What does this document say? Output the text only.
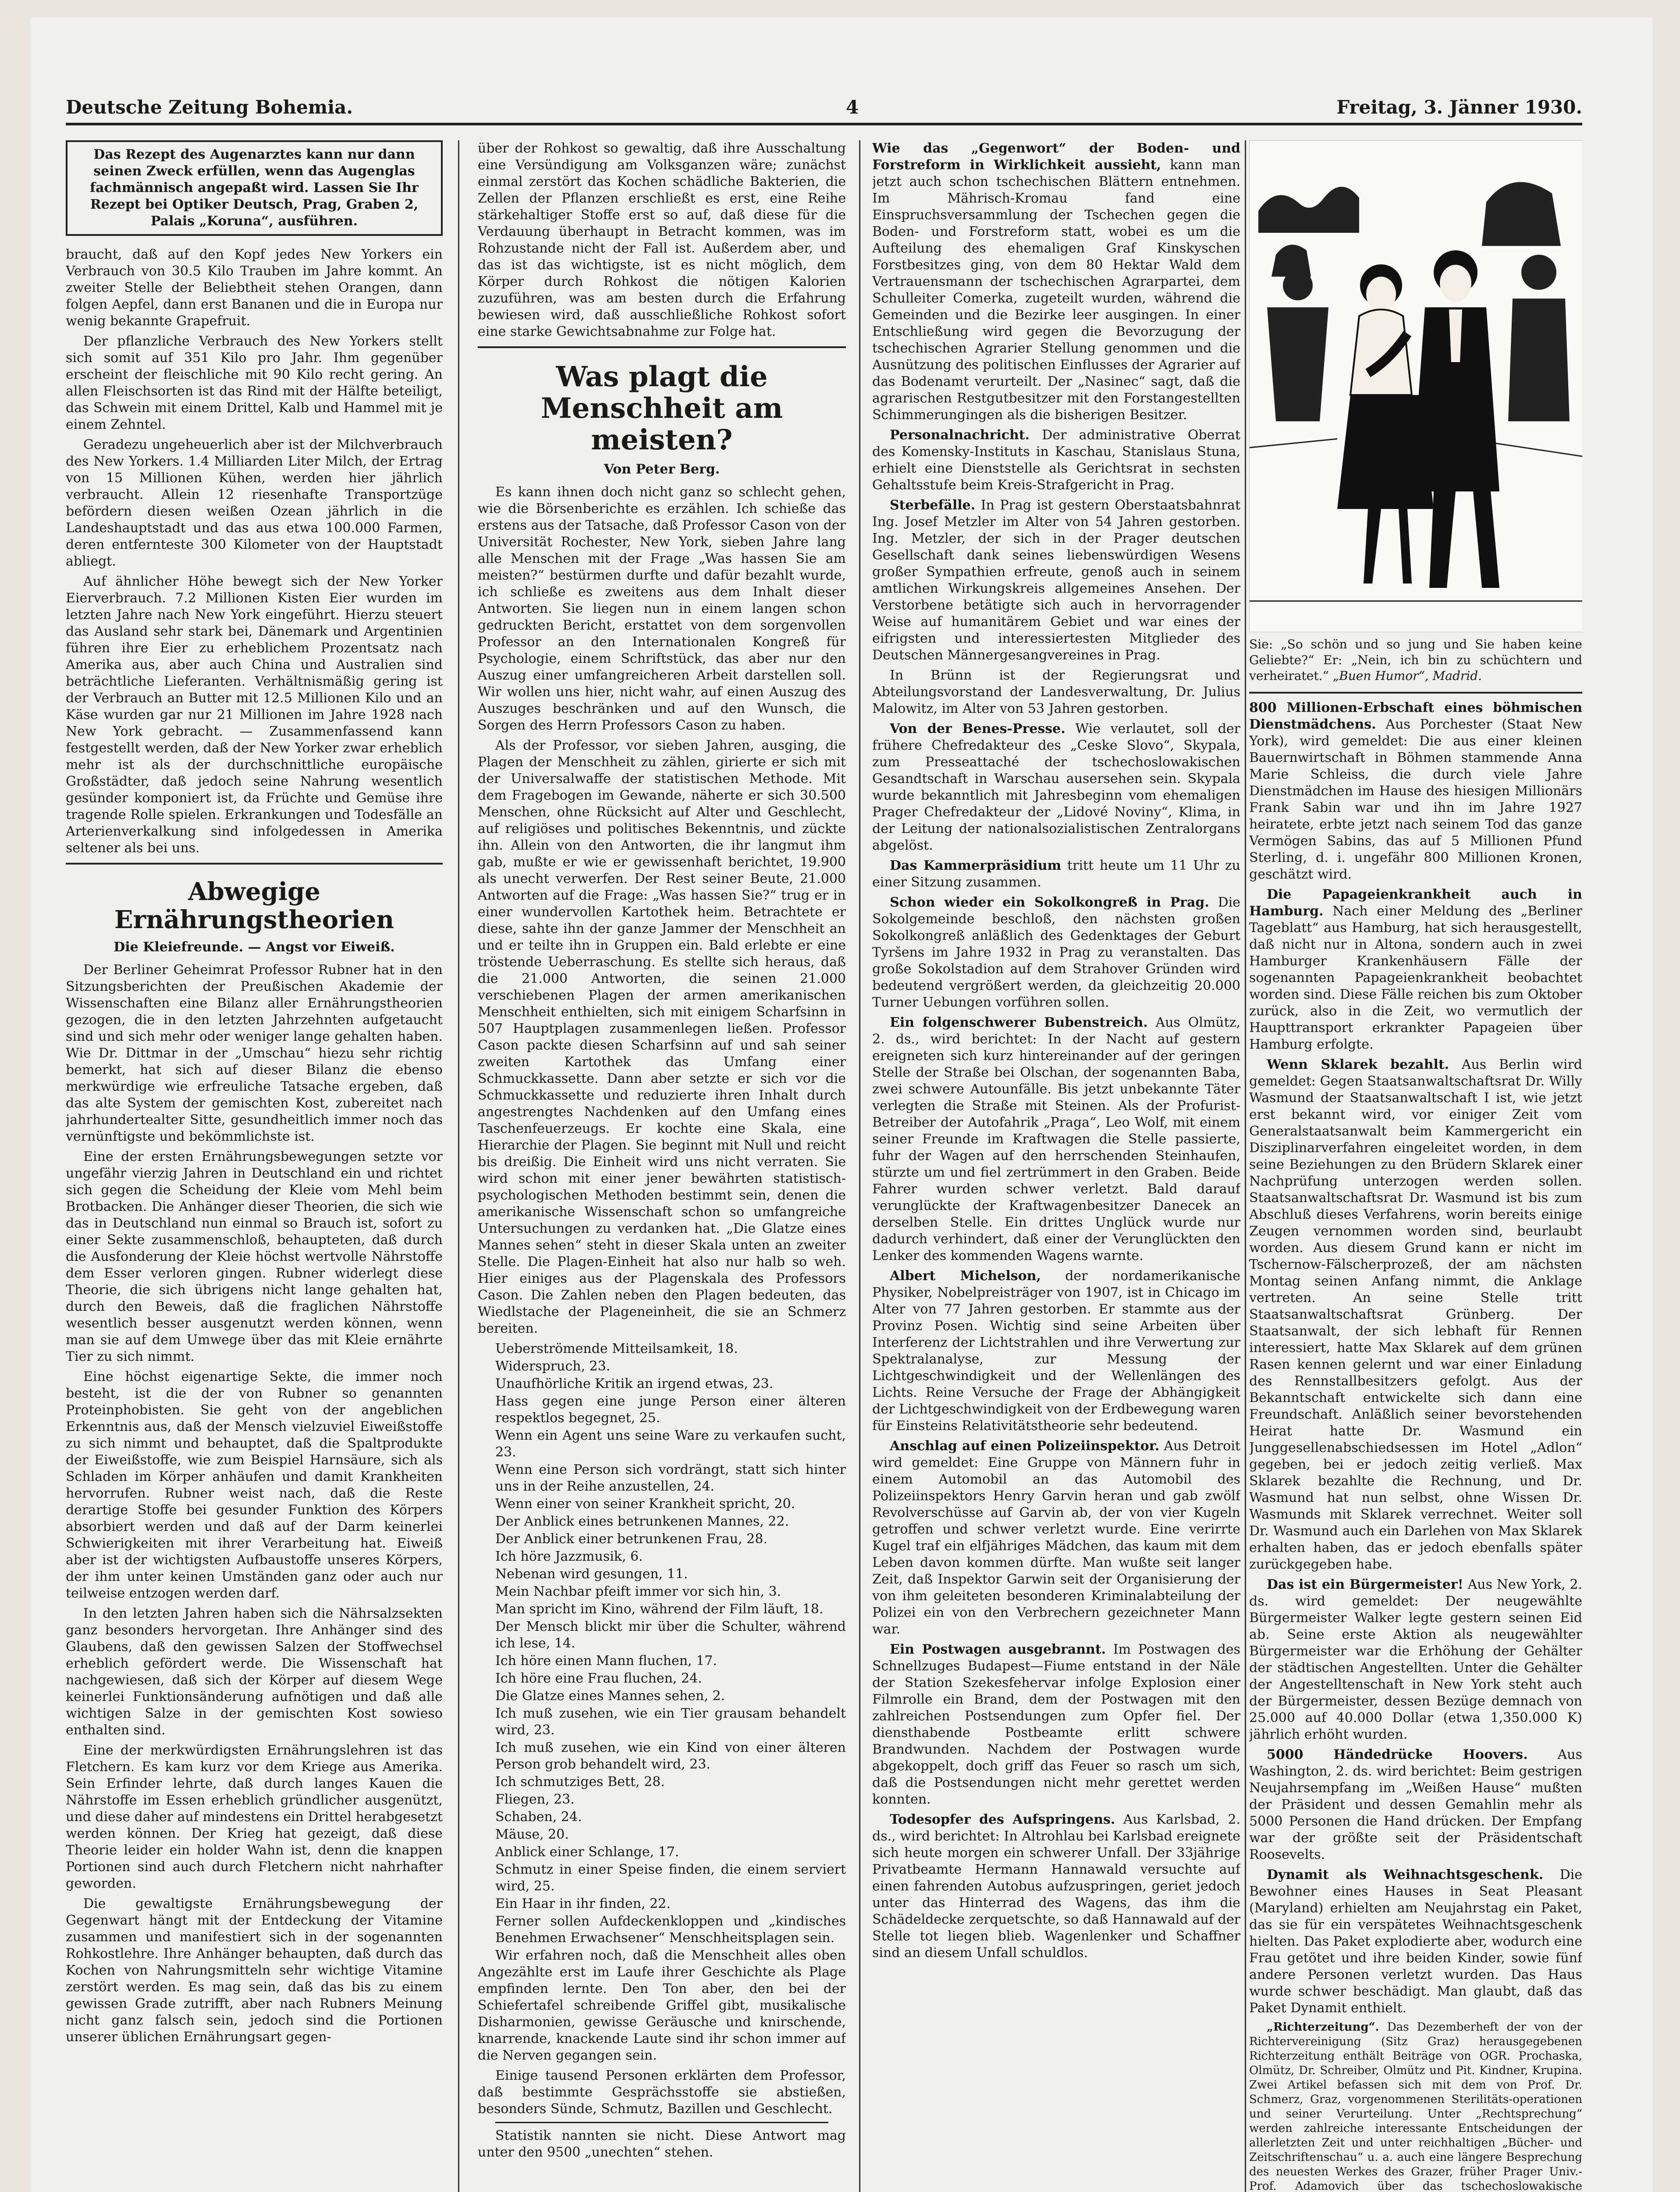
Deutsche Zeitung Bohemia.	4	Freitag, 3. Jänner 1930.
Das Rezept des Augenarztes kann nur dann seinen Zweck erfüllen, wenn das Augenglas fachmännisch angepaßt wird. Lassen Sie Ihr Rezept bei Optiker Deutsch, Prag, Graben 2, Palais „Koruna“, ausführen.

braucht, daß auf den Kopf jedes New Yorkers ein Verbrauch von 30.5 Kilo Trauben im Jahre kommt. An zweiter Stelle der Beliebtheit stehen Orangen, dann folgen Aepfel, dann erst Bananen und die in Europa nur wenig bekannte Grapefruit.

Der pflanzliche Verbrauch des New Yorkers stellt sich somit auf 351 Kilo pro Jahr. Ihm gegenüber erscheint der fleischliche mit 90 Kilo recht gering. An allen Fleischsorten ist das Rind mit der Hälfte beteiligt, das Schwein mit einem Drittel, Kalb und Hammel mit je einem Zehntel.

Geradezu ungeheuerlich aber ist der Milchverbrauch des New Yorkers. 1.4 Milliarden Liter Milch, der Ertrag von 15 Millionen Kühen, werden hier jährlich verbraucht. Allein 12 riesenhafte Transportzüge befördern diesen weißen Ozean jährlich in die Landeshauptstadt und das aus etwa 100.000 Farmen, deren entfernteste 300 Kilometer von der Hauptstadt abliegt.

Auf ähnlicher Höhe bewegt sich der New Yorker Eierverbrauch. 7.2 Millionen Kisten Eier wurden im letzten Jahre nach New York eingeführt. Hierzu steuert das Ausland sehr stark bei, Dänemark und Argentinien führen ihre Eier zu erheblichem Prozentsatz nach Amerika aus, aber auch China und Australien sind beträchtliche Lieferanten. Verhältnismäßig gering ist der Verbrauch an Butter mit 12.5 Millionen Kilo und an Käse wurden gar nur 21 Millionen im Jahre 1928 nach New York gebracht. — Zusammenfassend kann festgestellt werden, daß der New Yorker zwar erheblich mehr ist als der durchschnittliche europäische Großstädter, daß jedoch seine Nahrung wesentlich gesünder komponiert ist, da Früchte und Gemüse ihre tragende Rolle spielen. Erkrankungen und Todesfälle an Arterienverkalkung sind infolgedessen in Amerika seltener als bei uns.

Abwegige Ernährungstheorien
Die Kleiefreunde. — Angst vor Eiweiß.

Der Berliner Geheimrat Professor Rubner hat in den Sitzungsberichten der Preußischen Akademie der Wissenschaften eine Bilanz aller Ernährungstheorien gezogen, die in den letzten Jahrzehnten aufgetaucht sind und sich mehr oder weniger lange gehalten haben. Wie Dr. Dittmar in der „Umschau“ hiezu sehr richtig bemerkt, hat sich auf dieser Bilanz die ebenso merkwürdige wie erfreuliche Tatsache ergeben, daß das alte System der gemischten Kost, zubereitet nach jahrhundertealter Sitte, gesundheitlich immer noch das vernünftigste und bekömmlichste ist.

Eine der ersten Ernährungsbewegungen setzte vor ungefähr vierzig Jahren in Deutschland ein und richtet sich gegen die Scheidung der Kleie vom Mehl beim Brotbacken. Die Anhänger dieser Theorien, die sich wie das in Deutschland nun einmal so Brauch ist, sofort zu einer Sekte zusammenschloß, behaupteten, daß durch die Ausfonderung der Kleie höchst wertvolle Nährstoffe dem Esser verloren gingen. Rubner widerlegt diese Theorie, die sich übrigens nicht lange gehalten hat, durch den Beweis, daß die fraglichen Nährstoffe wesentlich besser ausgenutzt werden können, wenn man sie auf dem Umwege über das mit Kleie ernährte Tier zu sich nimmt.

Eine höchst eigenartige Sekte, die immer noch besteht, ist die der von Rubner so genannten Proteinphobisten. Sie geht von der angeblichen Erkenntnis aus, daß der Mensch vielzuviel Eiweißstoffe zu sich nimmt und behauptet, daß die Spaltprodukte der Eiweißstoffe, wie zum Beispiel Harnsäure, sich als Schladen im Körper anhäufen und damit Krankheiten hervorrufen. Rubner weist nach, daß die Reste derartige Stoffe bei gesunder Funktion des Körpers absorbiert werden und daß auf der Darm keinerlei Schwierigkeiten mit ihrer Verarbeitung hat. Eiweiß aber ist der wichtigsten Aufbaustoffe unseres Körpers, der ihm unter keinen Umständen ganz oder auch nur teilweise entzogen werden darf.

In den letzten Jahren haben sich die Nährsalzsekten ganz besonders hervorgetan. Ihre Anhänger sind des Glaubens, daß den gewissen Salzen der Stoffwechsel erheblich gefördert werde. Die Wissenschaft hat nachgewiesen, daß sich der Körper auf diesem Wege keinerlei Funktionsänderung aufnötigen und daß alle wichtigen Salze in der gemischten Kost sowieso enthalten sind.

Eine der merkwürdigsten Ernährungslehren ist das Fletchern. Es kam kurz vor dem Kriege aus Amerika. Sein Erfinder lehrte, daß durch langes Kauen die Nährstoffe im Essen erheblich gründlicher ausgenützt, und diese daher auf mindestens ein Drittel herabgesetzt werden können. Der Krieg hat gezeigt, daß diese Theorie leider ein holder Wahn ist, denn die knappen Portionen sind auch durch Fletchern nicht nahrhafter geworden.

Die gewaltigste Ernährungsbewegung der Gegenwart hängt mit der Entdeckung der Vitamine zusammen und manifestiert sich in der sogenannten Rohkostlehre. Ihre Anhänger behaupten, daß durch das Kochen von Nahrungsmitteln sehr wichtige Vitamine zerstört werden. Es mag sein, daß das bis zu einem gewissen Grade zutrifft, aber nach Rubners Meinung nicht ganz falsch sein, jedoch sind die Portionen unserer üblichen Ernährungsart gegen-

über der Rohkost so gewaltig, daß ihre Ausschaltung eine Versündigung am Volksganzen wäre; zunächst einmal zerstört das Kochen schädliche Bakterien, die Zellen der Pflanzen erschließt es erst, eine Reihe stärkehaltiger Stoffe erst so auf, daß diese für die Verdauung überhaupt in Betracht kommen, was im Rohzustande nicht der Fall ist. Außerdem aber, und das ist das wichtigste, ist es nicht möglich, dem Körper durch Rohkost die nötigen Kalorien zuzuführen, was am besten durch die Erfahrung bewiesen wird, daß ausschließliche Rohkost sofort eine starke Gewichtsabnahme zur Folge hat.

Was plagt die Menschheit am meisten?
Von Peter Berg.

Es kann ihnen doch nicht ganz so schlecht gehen, wie die Börsenberichte es erzählen. Ich schieße das erstens aus der Tatsache, daß Professor Cason von der Universität Rochester, New York, sieben Jahre lang alle Menschen mit der Frage „Was hassen Sie am meisten?“ bestürmen durfte und dafür bezahlt wurde, ich schließe es zweitens aus dem Inhalt dieser Antworten. Sie liegen nun in einem langen schon gedruckten Bericht, erstattet von dem sorgenvollen Professor an den Internationalen Kongreß für Psychologie, einem Schriftstück, das aber nur den Auszug einer umfangreicheren Arbeit darstellen soll. Wir wollen uns hier, nicht wahr, auf einen Auszug des Auszuges beschränken und auf den Wunsch, die Sorgen des Herrn Professors Cason zu haben.

Als der Professor, vor sieben Jahren, ausging, die Plagen der Menschheit zu zählen, girierte er sich mit der Universalwaffe der statistischen Methode. Mit dem Fragebogen im Gewande, näherte er sich 30.500 Menschen, ohne Rücksicht auf Alter und Geschlecht, auf religiöses und politisches Bekenntnis, und zückte ihn. Allein von den Antworten, die ihr langmut ihm gab, mußte er wie er gewissenhaft berichtet, 19.900 als unecht verwerfen. Der Rest seiner Beute, 21.000 Antworten auf die Frage: „Was hassen Sie?“ trug er in einer wundervollen Kartothek heim. Betrachtete er diese, sahte ihn der ganze Jammer der Menschheit an und er teilte ihn in Gruppen ein. Bald erlebte er eine tröstende Ueberraschung. Es stellte sich heraus, daß die 21.000 Antworten, die seinen 21.000 verschiebenen Plagen der armen amerikanischen Menschheit enthielten, sich mit einigem Scharfsinn in 507 Hauptplagen zusammenlegen ließen. Professor Cason packte diesen Scharfsinn auf und sah seiner zweiten Kartothek das Umfang einer Schmuckkassette. Dann aber setzte er sich vor die Schmuckkassette und reduzierte ihren Inhalt durch angestrengtes Nachdenken auf den Umfang eines Taschenfeuerzeugs. Er kochte eine Skala, eine Hierarchie der Plagen. Sie beginnt mit Null und reicht bis dreißig. Die Einheit wird uns nicht verraten. Sie wird schon mit einer jener bewährten statistisch-psychologischen Methoden bestimmt sein, denen die amerikanische Wissenschaft schon so umfangreiche Untersuchungen zu verdanken hat. „Die Glatze eines Mannes sehen“ steht in dieser Skala unten an zweiter Stelle. Die Plagen-Einheit hat also nur halb so weh. Hier einiges aus der Plagenskala des Professors Cason. Die Zahlen neben den Plagen bedeuten, das Wiedlstache der Plageneinheit, die sie an Schmerz bereiten.

Ueberströmende Mitteilsamkeit, 18.

Widerspruch, 23.

Unaufhörliche Kritik an irgend etwas, 23.

Hass gegen eine junge Person einer älteren respektlos begegnet, 25.

Wenn ein Agent uns seine Ware zu verkaufen sucht, 23.

Wenn eine Person sich vordrängt, statt sich hinter uns in der Reihe anzustellen, 24.

Wenn einer von seiner Krankheit spricht, 20.

Der Anblick eines betrunkenen Mannes, 22.

Der Anblick einer betrunkenen Frau, 28.

Ich höre Jazzmusik, 6.

Nebenan wird gesungen, 11.

Mein Nachbar pfeift immer vor sich hin, 3.

Man spricht im Kino, während der Film läuft, 18.

Der Mensch blickt mir über die Schulter, während ich lese, 14.

Ich höre einen Mann fluchen, 17.

Ich höre eine Frau fluchen, 24.

Die Glatze eines Mannes sehen, 2.

Ich muß zusehen, wie ein Tier grausam behandelt wird, 23.

Ich muß zusehen, wie ein Kind von einer älteren Person grob behandelt wird, 23.

Ich schmutziges Bett, 28.

Fliegen, 23.

Schaben, 24.

Mäuse, 20.

Anblick einer Schlange, 17.

Schmutz in einer Speise finden, die einem serviert wird, 25.

Ein Haar in ihr finden, 22.

Ferner sollen Aufdeckenkloppen und „kindisches Benehmen Erwachsener“ Menschheitsplagen sein.

Wir erfahren noch, daß die Menschheit alles oben Angezählte erst im Laufe ihrer Geschichte als Plage empfinden lernte. Den Ton aber, den bei der Schiefertafel schreibende Griffel gibt, musikalische Disharmonien, gewisse Geräusche und knirschende, knarrende, knackende Laute sind ihr schon immer auf die Nerven gegangen sein.

Einige tausend Personen erklärten dem Professor, daß bestimmte Gesprächsstoffe sie abstießen, besonders Sünde, Schmutz, Bazillen und Geschlecht.

Statistik nannten sie nicht. Diese Antwort mag unter den 9500 „unechten“ stehen.

Wie das „Gegenwort“ der Boden- und Forstreform in Wirklichkeit aussieht, kann man jetzt auch schon tschechischen Blättern entnehmen. Im Mährisch-Kromau fand eine Einspruchsversammlung der Tschechen gegen die Boden- und Forstreform statt, wobei es um die Aufteilung des ehemaligen Graf Kinskyschen Forstbesitzes ging, von dem 80 Hektar Wald dem Vertrauensmann der tschechischen Agrarpartei, dem Schulleiter Comerka, zugeteilt wurden, während die Gemeinden und die Bezirke leer ausgingen. In einer Entschließung wird gegen die Bevorzugung der tschechischen Agrarier Stellung genommen und die Ausnützung des politischen Einflusses der Agrarier auf das Bodenamt verurteilt. Der „Nasinec“ sagt, daß die agrarischen Restgutbesitzer mit den Forstangestellten Schimmerungingen als die bisherigen Besitzer.

Personalnachricht. Der administrative Oberrat des Komensky-Instituts in Kaschau, Stanislaus Stuna, erhielt eine Dienststelle als Gerichtsrat in sechsten Gehaltsstufe beim Kreis-Strafgericht in Prag.

Sterbefälle. In Prag ist gestern Oberstaatsbahnrat Ing. Josef Metzler im Alter von 54 Jahren gestorben. Ing. Metzler, der sich in der Prager deutschen Gesellschaft dank seines liebenswürdigen Wesens großer Sympathien erfreute, genoß auch in seinem amtlichen Wirkungskreis allgemeines Ansehen. Der Verstorbene betätigte sich auch in hervorragender Weise auf humanitärem Gebiet und war eines der eifrigsten und interessiertesten Mitglieder des Deutschen Männergesangvereines in Prag.

In Brünn ist der Regierungsrat und Abteilungsvorstand der Landesverwaltung, Dr. Julius Malowitz, im Alter von 53 Jahren gestorben.

Von der Benes-Presse. Wie verlautet, soll der frühere Chefredakteur des „Ceske Slovo“, Skypala, zum Presseattaché der tschechoslowakischen Gesandtschaft in Warschau ausersehen sein. Skypala wurde bekanntlich mit Jahresbeginn vom ehemaligen Prager Chefredakteur der „Lidové Noviny“, Klima, in der Leitung der nationalsozialistischen Zentralorgans abgelöst.

Das Kammerpräsidium tritt heute um 11 Uhr zu einer Sitzung zusammen.

Schon wieder ein Sokolkongreß in Prag. Die Sokolgemeinde beschloß, den nächsten großen Sokolkongreß anläßlich des Gedenktages der Geburt Tyršens im Jahre 1932 in Prag zu veranstalten. Das große Sokolstadion auf dem Strahover Gründen wird bedeutend vergrößert werden, da gleichzeitig 20.000 Turner Uebungen vorführen sollen.

Ein folgenschwerer Bubenstreich. Aus Olmütz, 2. ds., wird berichtet: In der Nacht auf gestern ereigneten sich kurz hintereinander auf der geringen Stelle der Straße bei Olschan, der sogenannten Baba, zwei schwere Autounfälle. Bis jetzt unbekannte Täter verlegten die Straße mit Steinen. Als der Profurist-Betreiber der Autofahrik „Praga“, Leo Wolf, mit einem seiner Freunde im Kraftwagen die Stelle passierte, fuhr der Wagen auf den herrschenden Steinhaufen, stürzte um und fiel zertrümmert in den Graben. Beide Fahrer wurden schwer verletzt. Bald darauf verunglückte der Kraftwagenbesitzer Danecek an derselben Stelle. Ein drittes Unglück wurde nur dadurch verhindert, daß einer der Verunglückten den Lenker des kommenden Wagens warnte.

Albert Michelson, der nordamerikanische Physiker, Nobelpreisträger von 1907, ist in Chicago im Alter von 77 Jahren gestorben. Er stammte aus der Provinz Posen. Wichtig sind seine Arbeiten über Interferenz der Lichtstrahlen und ihre Verwertung zur Spektralanalyse, zur Messung der Lichtgeschwindigkeit und der Wellenlängen des Lichts. Reine Versuche der Frage der Abhängigkeit der Lichtgeschwindigkeit von der Erdbewegung waren für Einsteins Relativitätstheorie sehr bedeutend.

Anschlag auf einen Polizeiinspektor. Aus Detroit wird gemeldet: Eine Gruppe von Männern fuhr in einem Automobil an das Automobil des Polizeiinspektors Henry Garvin heran und gab zwölf Revolverschüsse auf Garvin ab, der von vier Kugeln getroffen und schwer verletzt wurde. Eine verirrte Kugel traf ein elfjähriges Mädchen, das kaum mit dem Leben davon kommen dürfte. Man wußte seit langer Zeit, daß Inspektor Garwin seit der Organisierung der von ihm geleiteten besonderen Kriminalabteilung der Polizei ein von den Verbrechern gezeichneter Mann war.

Ein Postwagen ausgebrannt. Im Postwagen des Schnellzuges Budapest—Fiume entstand in der Näle der Station Szekesfehervar infolge Explosion einer Filmrolle ein Brand, dem der Postwagen mit den zahlreichen Postsendungen zum Opfer fiel. Der diensthabende Postbeamte erlitt schwere Brandwunden. Nachdem der Postwagen wurde abgekoppelt, doch griff das Feuer so rasch um sich, daß die Postsendungen nicht mehr gerettet werden konnten.

Todesopfer des Aufspringens. Aus Karlsbad, 2. ds., wird berichtet: In Altrohlau bei Karlsbad ereignete sich heute morgen ein schwerer Unfall. Der 33jährige Privatbeamte Hermann Hannawald versuchte auf einen fahrenden Autobus aufzuspringen, geriet jedoch unter das Hinterrad des Wagens, das ihm die Schädeldecke zerquetschte, so daß Hannawald auf der Stelle tot liegen blieb. Wagenlenker und Schaffner sind an diesem Unfall schuldlos.

Sie: „So schön und so jung und Sie haben keine Geliebte?“ Er: „Nein, ich bin zu schüchtern und verheiratet.“ „Buen Humor“, Madrid.

800 Millionen-Erbschaft eines böhmischen Dienstmädchens. Aus Porchester (Staat New York), wird gemeldet: Die aus einer kleinen Bauernwirtschaft in Böhmen stammende Anna Marie Schleiss, die durch viele Jahre Dienstmädchen im Hause des hiesigen Millionärs Frank Sabin war und ihn im Jahre 1927 heiratete, erbte jetzt nach seinem Tod das ganze Vermögen Sabins, das auf 5 Millionen Pfund Sterling, d. i. ungefähr 800 Millionen Kronen, geschätzt wird.

Die Papageienkrankheit auch in Hamburg. Nach einer Meldung des „Berliner Tageblatt“ aus Hamburg, hat sich herausgestellt, daß nicht nur in Altona, sondern auch in zwei Hamburger Krankenhäusern Fälle der sogenannten Papageienkrankheit beobachtet worden sind. Diese Fälle reichen bis zum Oktober zurück, also in die Zeit, wo vermutlich der Haupttransport erkrankter Papageien über Hamburg erfolgte.

Wenn Sklarek bezahlt. Aus Berlin wird gemeldet: Gegen Staatsanwaltschaftsrat Dr. Willy Wasmund der Staatsanwaltschaft I ist, wie jetzt erst bekannt wird, vor einiger Zeit vom Generalstaatsanwalt beim Kammergericht ein Disziplinarverfahren eingeleitet worden, in dem seine Beziehungen zu den Brüdern Sklarek einer Nachprüfung unterzogen werden sollen. Staatsanwaltschaftsrat Dr. Wasmund ist bis zum Abschluß dieses Verfahrens, worin bereits einige Zeugen vernommen worden sind, beurlaubt worden. Aus diesem Grund kann er nicht im Tschernow-Fälscherprozeß, der am nächsten Montag seinen Anfang nimmt, die Anklage vertreten. An seine Stelle tritt Staatsanwaltschaftsrat Grünberg. Der Staatsanwalt, der sich lebhaft für Rennen interessiert, hatte Max Sklarek auf dem grünen Rasen kennen gelernt und war einer Einladung des Rennstallbesitzers gefolgt. Aus der Bekanntschaft entwickelte sich dann eine Freundschaft. Anläßlich seiner bevorstehenden Heirat hatte Dr. Wasmund ein Junggesellenabschiedsessen im Hotel „Adlon“ gegeben, bei er jedoch zeitig verließ. Max Sklarek bezahlte die Rechnung, und Dr. Wasmund hat nun selbst, ohne Wissen Dr. Wasmunds mit Sklarek verrechnet. Weiter soll Dr. Wasmund auch ein Darlehen von Max Sklarek erhalten haben, das er jedoch ebenfalls später zurückgegeben habe.

Das ist ein Bürgermeister! Aus New York, 2. ds. wird gemeldet: Der neugewählte Bürgermeister Walker legte gestern seinen Eid ab. Seine erste Aktion als neugewählter Bürgermeister war die Erhöhung der Gehälter der städtischen Angestellten. Unter die Gehälter der Angestelltenschaft in New York steht auch der Bürgermeister, dessen Bezüge demnach von 25.000 auf 40.000 Dollar (etwa 1,350.000 K) jährlich erhöht wurden.

5000 Händedrücke Hoovers. Aus Washington, 2. ds. wird berichtet: Beim gestrigen Neujahrsempfang im „Weißen Hause“ mußten der Präsident und dessen Gemahlin mehr als 5000 Personen die Hand drücken. Der Empfang war der größte seit der Präsidentschaft Roosevelts.

Dynamit als Weihnachtsgeschenk. Die Bewohner eines Hauses in Seat Pleasant (Maryland) erhielten am Neujahrstag ein Paket, das sie für ein verspätetes Weihnachtsgeschenk hielten. Das Paket explodierte aber, wodurch eine Frau getötet und ihre beiden Kinder, sowie fünf andere Personen verletzt wurden. Das Haus wurde schwer beschädigt. Man glaubt, daß das Paket Dynamit enthielt.

„Richterzeitung“. Das Dezemberheft der von der Richtervereinigung (Sitz Graz) herausgegebenen Richterzeitung enthält Beiträge von OGR. Prochaska, Olmütz, Dr. Schreiber, Olmütz und Pit. Kindner, Krupina. Zwei Artikel befassen sich mit dem von Prof. Dr. Schmerz, Graz, vorgenommenen Sterilitäts-operationen und seiner Verurteilung. Unter „Rechtsprechung“ werden zahlreiche interessante Entscheidungen der allerletzten Zeit und unter reichhaltigen „Bücher- und Zeitschriftenschau“ u. a. auch eine längere Besprechung des neuesten Werkes des Grazer, früher Prager Univ.-Prof. Adamovich über das tschechoslowakische
